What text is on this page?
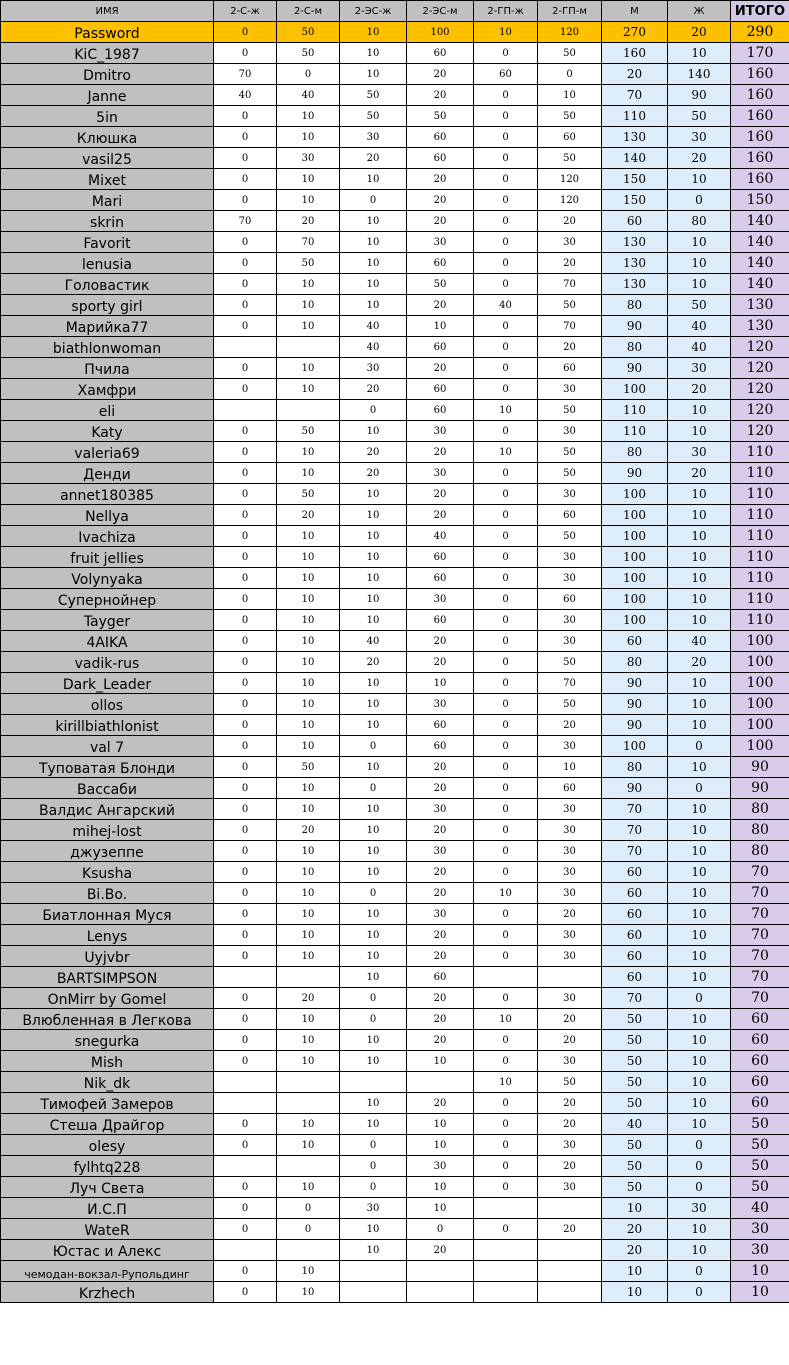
ИМЯ	2-С-ж	2-С-м	2-ЭС-ж	2-ЭС-м	2-ГП-ж	2-ГП-м	М	Ж	ИТОГО
Password	0	50	10	100	10	120	270	20	290
KiC_1987	0	50	10	60	0	50	160	10	170
Dmitro	70	0	10	20	60	0	20	140	160
Janne	40	40	50	20	0	10	70	90	160
5in	0	10	50	50	0	50	110	50	160
Клюшка	0	10	30	60	0	60	130	30	160
vasil25	0	30	20	60	0	50	140	20	160
Mixet	0	10	10	20	0	120	150	10	160
Mari	0	10	0	20	0	120	150	0	150
skrin	70	20	10	20	0	20	60	80	140
Favorit	0	70	10	30	0	30	130	10	140
lenusia	0	50	10	60	0	20	130	10	140
Головастик	0	10	10	50	0	70	130	10	140
sporty girl	0	10	10	20	40	50	80	50	130
Марийка77	0	10	40	10	0	70	90	40	130
biathlonwoman			40	60	0	20	80	40	120
Пчила	0	10	30	20	0	60	90	30	120
Хамфри	0	10	20	60	0	30	100	20	120
eli			0	60	10	50	110	10	120
Katy	0	50	10	30	0	30	110	10	120
valeria69	0	10	20	20	10	50	80	30	110
Денди	0	10	20	30	0	50	90	20	110
annet180385	0	50	10	20	0	30	100	10	110
Nellya	0	20	10	20	0	60	100	10	110
Ivachiza	0	10	10	40	0	50	100	10	110
fruit jellies	0	10	10	60	0	30	100	10	110
Volynyaka	0	10	10	60	0	30	100	10	110
Супернойнер	0	10	10	30	0	60	100	10	110
Tayger	0	10	10	60	0	30	100	10	110
4AIKA	0	10	40	20	0	30	60	40	100
vadik-rus	0	10	20	20	0	50	80	20	100
Dark_Leader	0	10	10	10	0	70	90	10	100
ollos	0	10	10	30	0	50	90	10	100
kirillbiathlonist	0	10	10	60	0	20	90	10	100
val 7	0	10	0	60	0	30	100	0	100
Туповатая Блонди	0	50	10	20	0	10	80	10	90
Вассаби	0	10	0	20	0	60	90	0	90
Валдис Ангарский	0	10	10	30	0	30	70	10	80
mihej-lost	0	20	10	20	0	30	70	10	80
джузеппе	0	10	10	30	0	30	70	10	80
Ksusha	0	10	10	20	0	30	60	10	70
Bi.Bo.	0	10	0	20	10	30	60	10	70
Биатлонная Муся	0	10	10	30	0	20	60	10	70
Lenys	0	10	10	20	0	30	60	10	70
Uyjvbr	0	10	10	20	0	30	60	10	70
BARTSIMPSON			10	60			60	10	70
OnMirr by Gomel	0	20	0	20	0	30	70	0	70
Влюбленная в Легкова	0	10	0	20	10	20	50	10	60
snegurka	0	10	10	20	0	20	50	10	60
Mish	0	10	10	10	0	30	50	10	60
Nik_dk					10	50	50	10	60
Тимофей Замеров			10	20	0	20	50	10	60
Стеша Драйгор	0	10	10	10	0	20	40	10	50
olesy	0	10	0	10	0	30	50	0	50
fylhtq228			0	30	0	20	50	0	50
Луч Света	0	10	0	10	0	30	50	0	50
И.С.П	0	0	30	10			10	30	40
WateR	0	0	10	0	0	20	20	10	30
Юстас и Алекс			10	20			20	10	30
чемодан-вокзал-Рупольдинг	0	10					10	0	10
Krzhech	0	10					10	0	10
